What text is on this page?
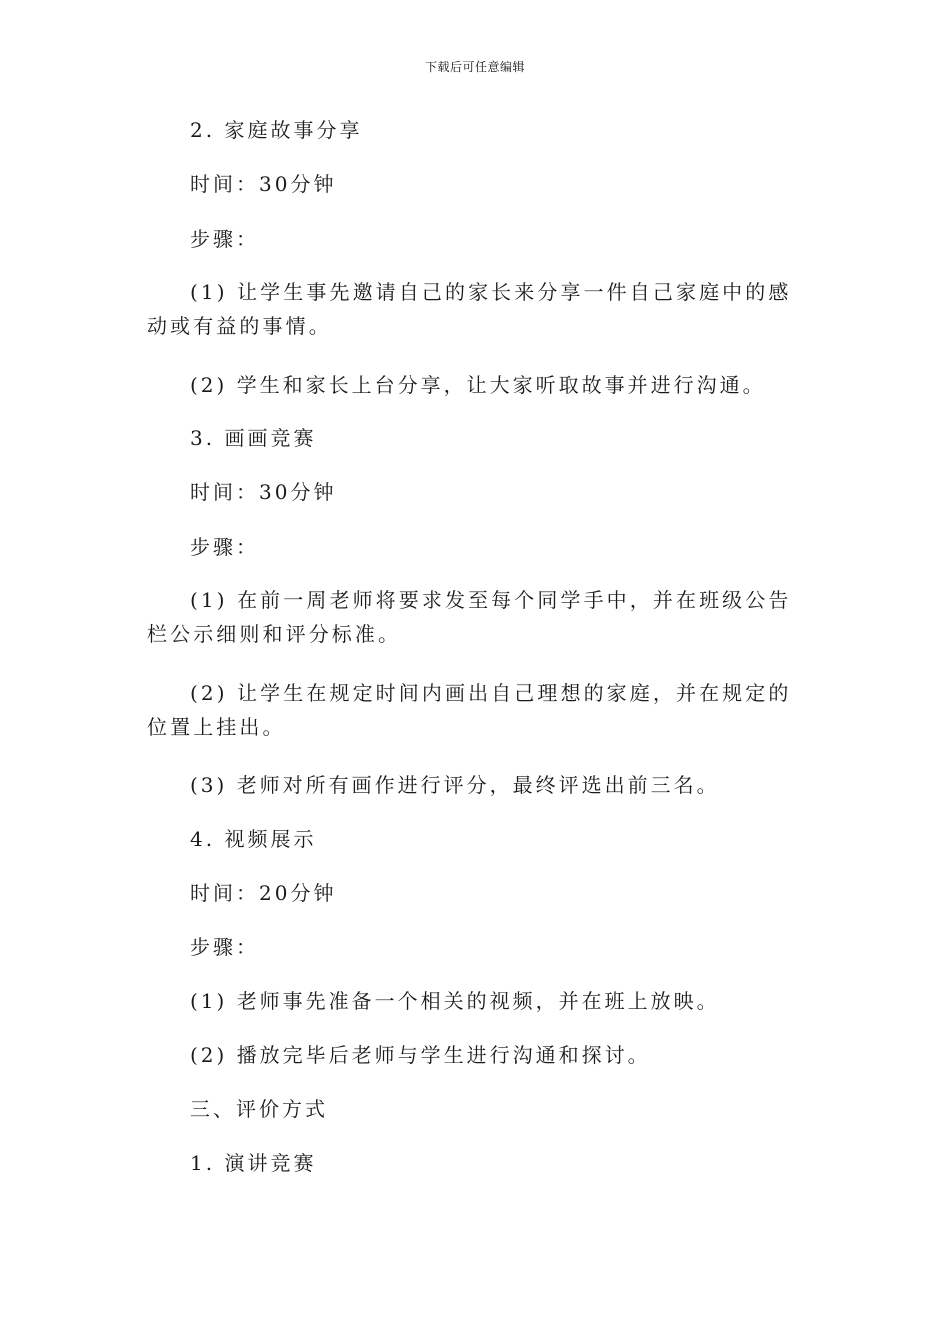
下载后可任意编辑
2. 家庭故事分享
时间：30分钟
步骤：
(1) 让学生事先邀请自己的家长来分享一件自己家庭中的感动或有益的事情。
(2) 学生和家长上台分享，让大家听取故事并进行沟通。
3. 画画竞赛
时间：30分钟
步骤：
(1) 在前一周老师将要求发至每个同学手中，并在班级公告栏公示细则和评分标准。
(2) 让学生在规定时间内画出自己理想的家庭，并在规定的位置上挂出。
(3) 老师对所有画作进行评分，最终评选出前三名。
4. 视频展示
时间：20分钟
步骤：
(1) 老师事先准备一个相关的视频，并在班上放映。
(2) 播放完毕后老师与学生进行沟通和探讨。
三、评价方式
1. 演讲竞赛
